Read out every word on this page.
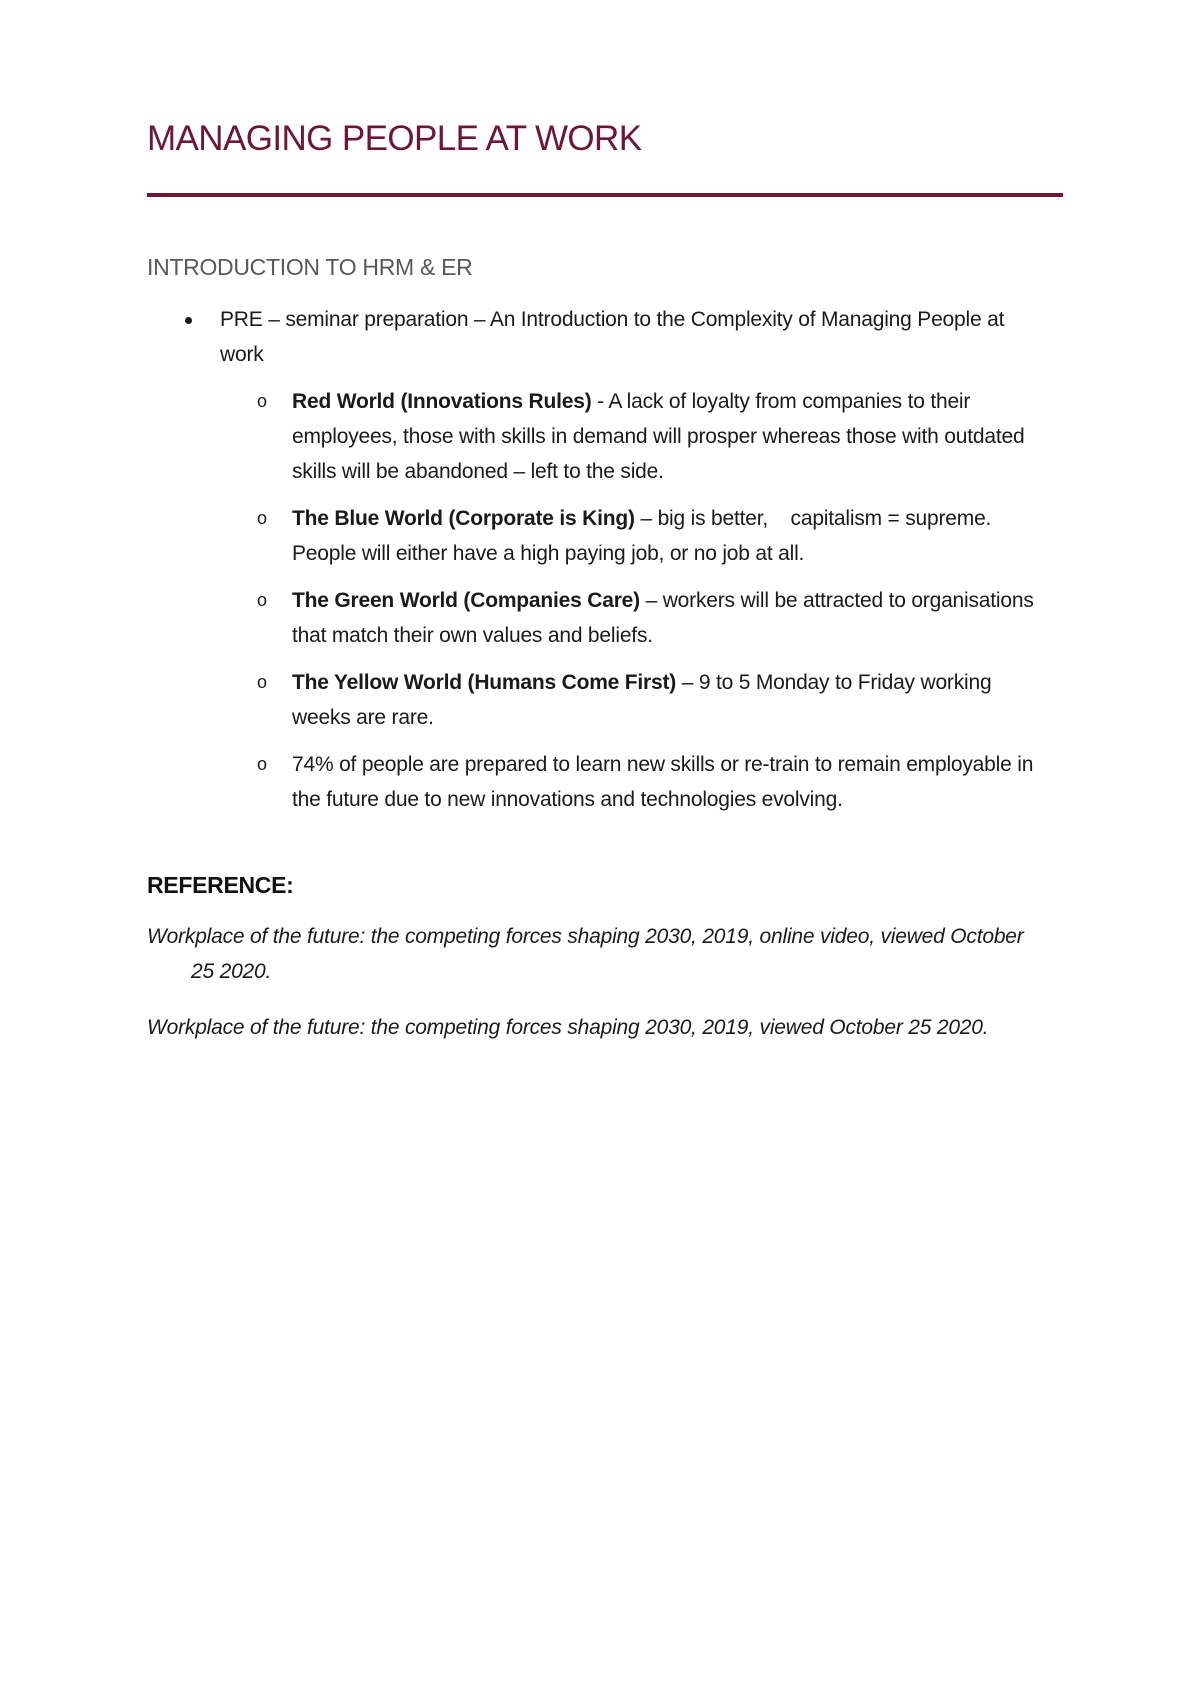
MANAGING PEOPLE AT WORK
INTRODUCTION TO HRM & ER
PRE – seminar preparation – An Introduction to the Complexity of Managing People at work
o Red World (Innovations Rules) - A lack of loyalty from companies to their employees, those with skills in demand will prosper whereas those with outdated skills will be abandoned – left to the side.
o The Blue World (Corporate is King) – big is better,    capitalism = supreme. People will either have a high paying job, or no job at all.
o The Green World (Companies Care) – workers will be attracted to organisations that match their own values and beliefs.
o The Yellow World (Humans Come First) – 9 to 5 Monday to Friday working weeks are rare.
o 74% of people are prepared to learn new skills or re-train to remain employable in the future due to new innovations and technologies evolving.
REFERENCE:

Workplace of the future: the competing forces shaping 2030, 2019, online video, viewed October 25 2020.

Workplace of the future: the competing forces shaping 2030, 2019, viewed October 25 2020.
